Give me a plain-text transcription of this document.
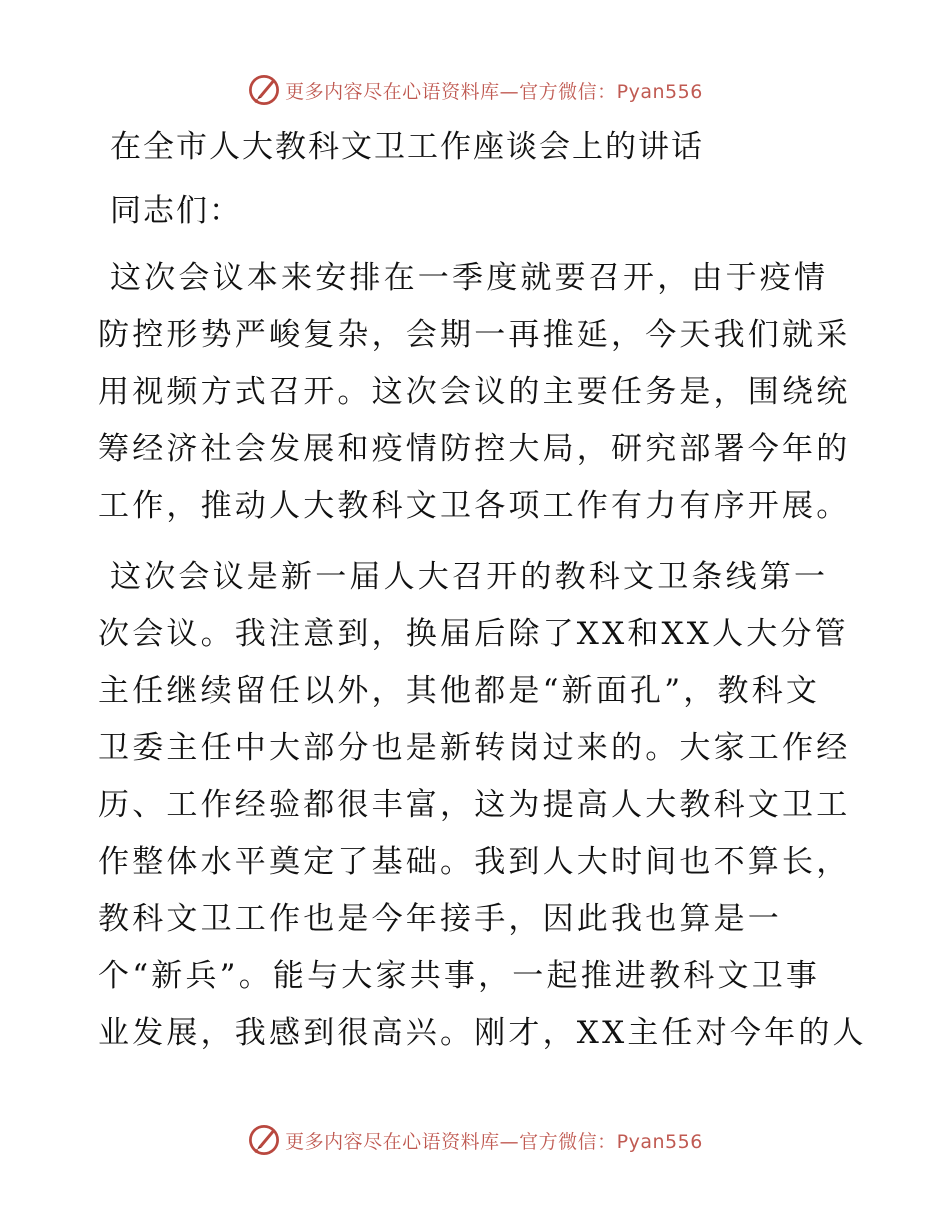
更多内容尽在心语资料库 —官方微信：Pyan556
在全市人大教科文卫工作座谈会上的讲话

同志们：

这次会议本来安排在一季度就要召开，由于疫情
防控形势严峻复杂，会期一再推延，今天我们就采
用视频方式召开。这次会议的主要任务是，围绕统
筹经济社会发展和疫情防控大局，研究部署今年的
工作，推动人大教科文卫各项工作有力有序开展。

这次会议是新一届人大召开的教科文卫条线第一
次会议。我注意到，换届后除了XX和XX人大分管
主任继续留任以外，其他都是“新面孔”，教科文
卫委主任中大部分也是新转岗过来的。大家工作经
历、工作经验都很丰富，这为提高人大教科文卫工
作整体水平奠定了基础。我到人大时间也不算长，
教科文卫工作也是今年接手，因此我也算是一
个“新兵”。能与大家共事，一起推进教科文卫事
业发展，我感到很高兴。刚才，XX主任对今年的人

更多内容尽在心语资料库 —官方微信：Pyan556
